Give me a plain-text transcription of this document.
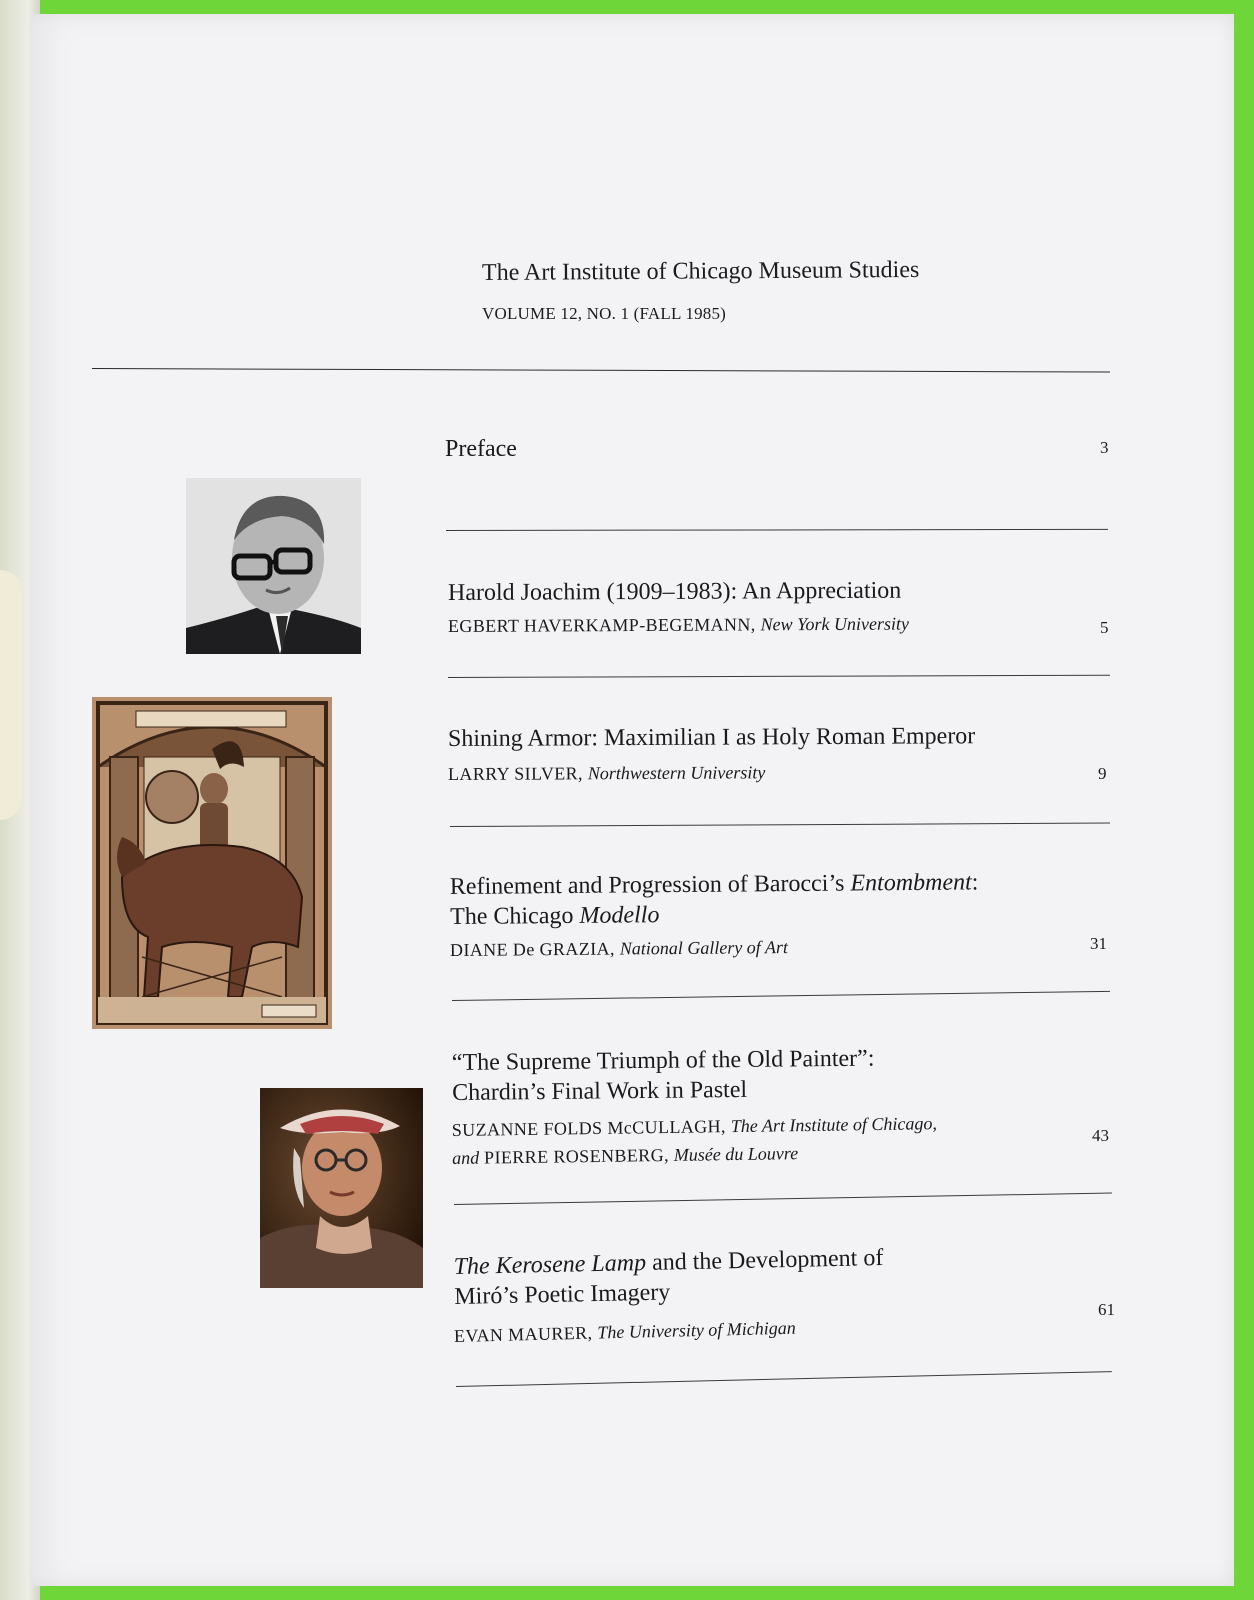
The Art Institute of Chicago Museum Studies
VOLUME 12, NO. 1 (FALL 1985)
Preface	3
Harold Joachim (1909–1983): An Appreciation
EGBERT HAVERKAMP-BEGEMANN, New York University	5
Shining Armor: Maximilian I as Holy Roman Emperor
LARRY SILVER, Northwestern University	9
Refinement and Progression of Barocci’s Entombment:
The Chicago Modello
DIANE De GRAZIA, National Gallery of Art	31
“The Supreme Triumph of the Old Painter”:
Chardin’s Final Work in Pastel
SUZANNE FOLDS McCULLAGH, The Art Institute of Chicago,
and PIERRE ROSENBERG, Musée du Louvre
43
The Kerosene Lamp and the Development of
Miró’s Poetic Imagery
EVAN MAURER, The University of Michigan
61
